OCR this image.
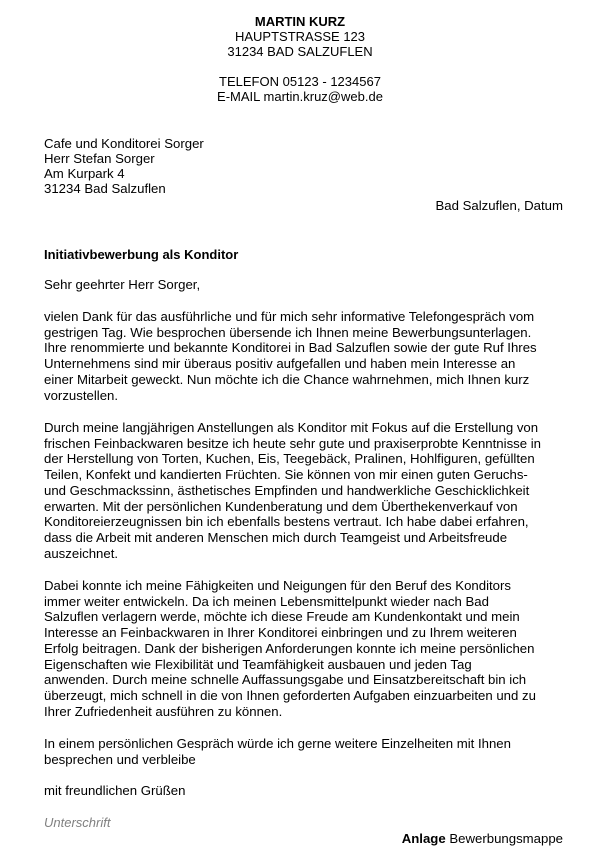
MARTIN KURZ
HAUPTSTRASSE 123
31234 BAD SALZUFLEN
TELEFON 05123 - 1234567
E-MAIL martin.kruz@web.de
Cafe und Konditorei Sorger
Herr Stefan Sorger
Am Kurpark 4
31234 Bad Salzuflen
Bad Salzuflen, Datum
Initiativbewerbung als Konditor
Sehr geehrter Herr Sorger,

vielen Dank für das ausführliche und für mich sehr informative Telefongespräch vom
gestrigen Tag. Wie besprochen übersende ich Ihnen meine Bewerbungsunterlagen.
Ihre renommierte und bekannte Konditorei in Bad Salzuflen sowie der gute Ruf Ihres
Unternehmens sind mir überaus positiv aufgefallen und haben mein Interesse an
einer Mitarbeit geweckt. Nun möchte ich die Chance wahrnehmen, mich Ihnen kurz
vorzustellen.

Durch meine langjährigen Anstellungen als Konditor mit Fokus auf die Erstellung von
frischen Feinbackwaren besitze ich heute sehr gute und praxiserprobte Kenntnisse in
der Herstellung von Torten, Kuchen, Eis, Teegebäck, Pralinen, Hohlfiguren, gefüllten
Teilen, Konfekt und kandierten Früchten. Sie können von mir einen guten Geruchs-
und Geschmackssinn, ästhetisches Empfinden und handwerkliche Geschicklichkeit
erwarten. Mit der persönlichen Kundenberatung und dem Überthekenverkauf von
Konditoreierzeugnissen bin ich ebenfalls bestens vertraut. Ich habe dabei erfahren,
dass die Arbeit mit anderen Menschen mich durch Teamgeist und Arbeitsfreude
auszeichnet.

Dabei konnte ich meine Fähigkeiten und Neigungen für den Beruf des Konditors
immer weiter entwickeln. Da ich meinen Lebensmittelpunkt wieder nach Bad
Salzuflen verlagern werde, möchte ich diese Freude am Kundenkontakt und mein
Interesse an Feinbackwaren in Ihrer Konditorei einbringen und zu Ihrem weiteren
Erfolg beitragen. Dank der bisherigen Anforderungen konnte ich meine persönlichen
Eigenschaften wie Flexibilität und Teamfähigkeit ausbauen und jeden Tag
anwenden. Durch meine schnelle Auffassungsgabe und Einsatzbereitschaft bin ich
überzeugt, mich schnell in die von Ihnen geforderten Aufgaben einzuarbeiten und zu
Ihrer Zufriedenheit ausführen zu können.

In einem persönlichen Gespräch würde ich gerne weitere Einzelheiten mit Ihnen
besprechen und verbleibe

mit freundlichen Grüßen
Unterschrift
Anlage Bewerbungsmappe
